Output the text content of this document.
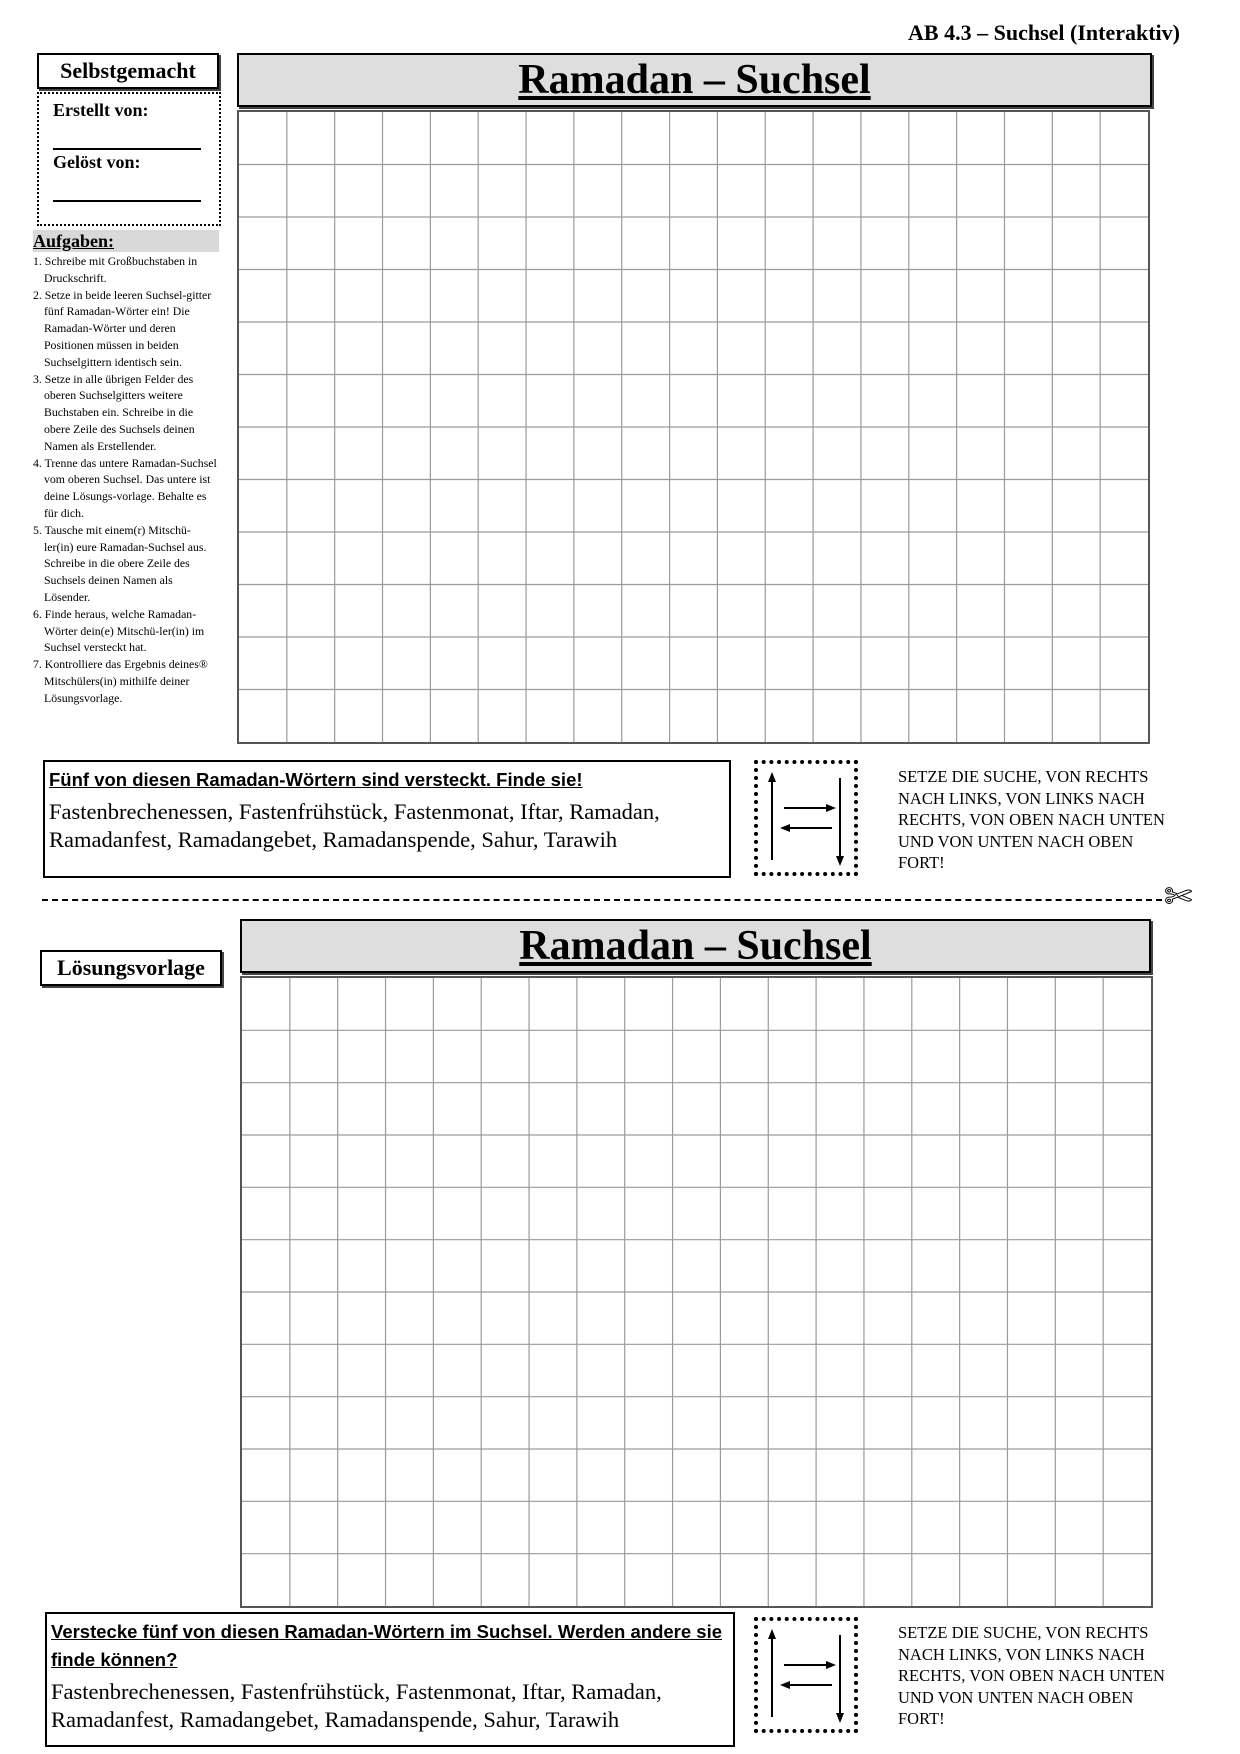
AB 4.3 – Suchsel (Interaktiv)
Selbstgemacht
Erstellt von:
Gelöst von:
Ramadan – Suchsel
Aufgaben:
1. Schreibe mit Großbuchstaben in Druckschrift.
2. Setze in beide leeren Suchsel-gitter fünf Ramadan-Wörter ein! Die Ramadan-Wörter und deren Positionen müssen in beiden Suchselgittern identisch sein.
3. Setze in alle übrigen Felder des oberen Suchselgitters weitere Buchstaben ein. Schreibe in die obere Zeile des Suchsels deinen Namen als Erstellender.
4. Trenne das untere Ramadan-Suchsel vom oberen Suchsel. Das untere ist deine Lösungs-vorlage. Behalte es für dich.
5. Tausche mit einem(r) Mitschü-ler(in) eure Ramadan-Suchsel aus. Schreibe in die obere Zeile des Suchsels deinen Namen als Lösender.
6. Finde heraus, welche Ramadan-Wörter dein(e) Mitschü-ler(in) im Suchsel versteckt hat.
7. Kontrolliere das Ergebnis deines® Mitschülers(in) mithilfe deiner Lösungsvorlage.
Fünf von diesen Ramadan-Wörtern sind versteckt. Finde sie!
Fastenbrechenessen, Fastenfrühstück, Fastenmonat, Iftar, Ramadan, Ramadanfest, Ramadangebet, Ramadanspende, Sahur, Tarawih
SETZE DIE SUCHE, VON RECHTS NACH LINKS, VON LINKS NACH RECHTS, VON OBEN NACH UNTEN UND VON UNTEN NACH OBEN FORT!
✄
Lösungsvorlage	Ramadan – Suchsel
Verstecke fünf von diesen Ramadan-Wörtern im Suchsel. Werden andere sie finde können?
Fastenbrechenessen, Fastenfrühstück, Fastenmonat, Iftar, Ramadan, Ramadanfest, Ramadangebet, Ramadanspende, Sahur, Tarawih
SETZE DIE SUCHE, VON RECHTS NACH LINKS, VON LINKS NACH RECHTS, VON OBEN NACH UNTEN UND VON UNTEN NACH OBEN FORT!
